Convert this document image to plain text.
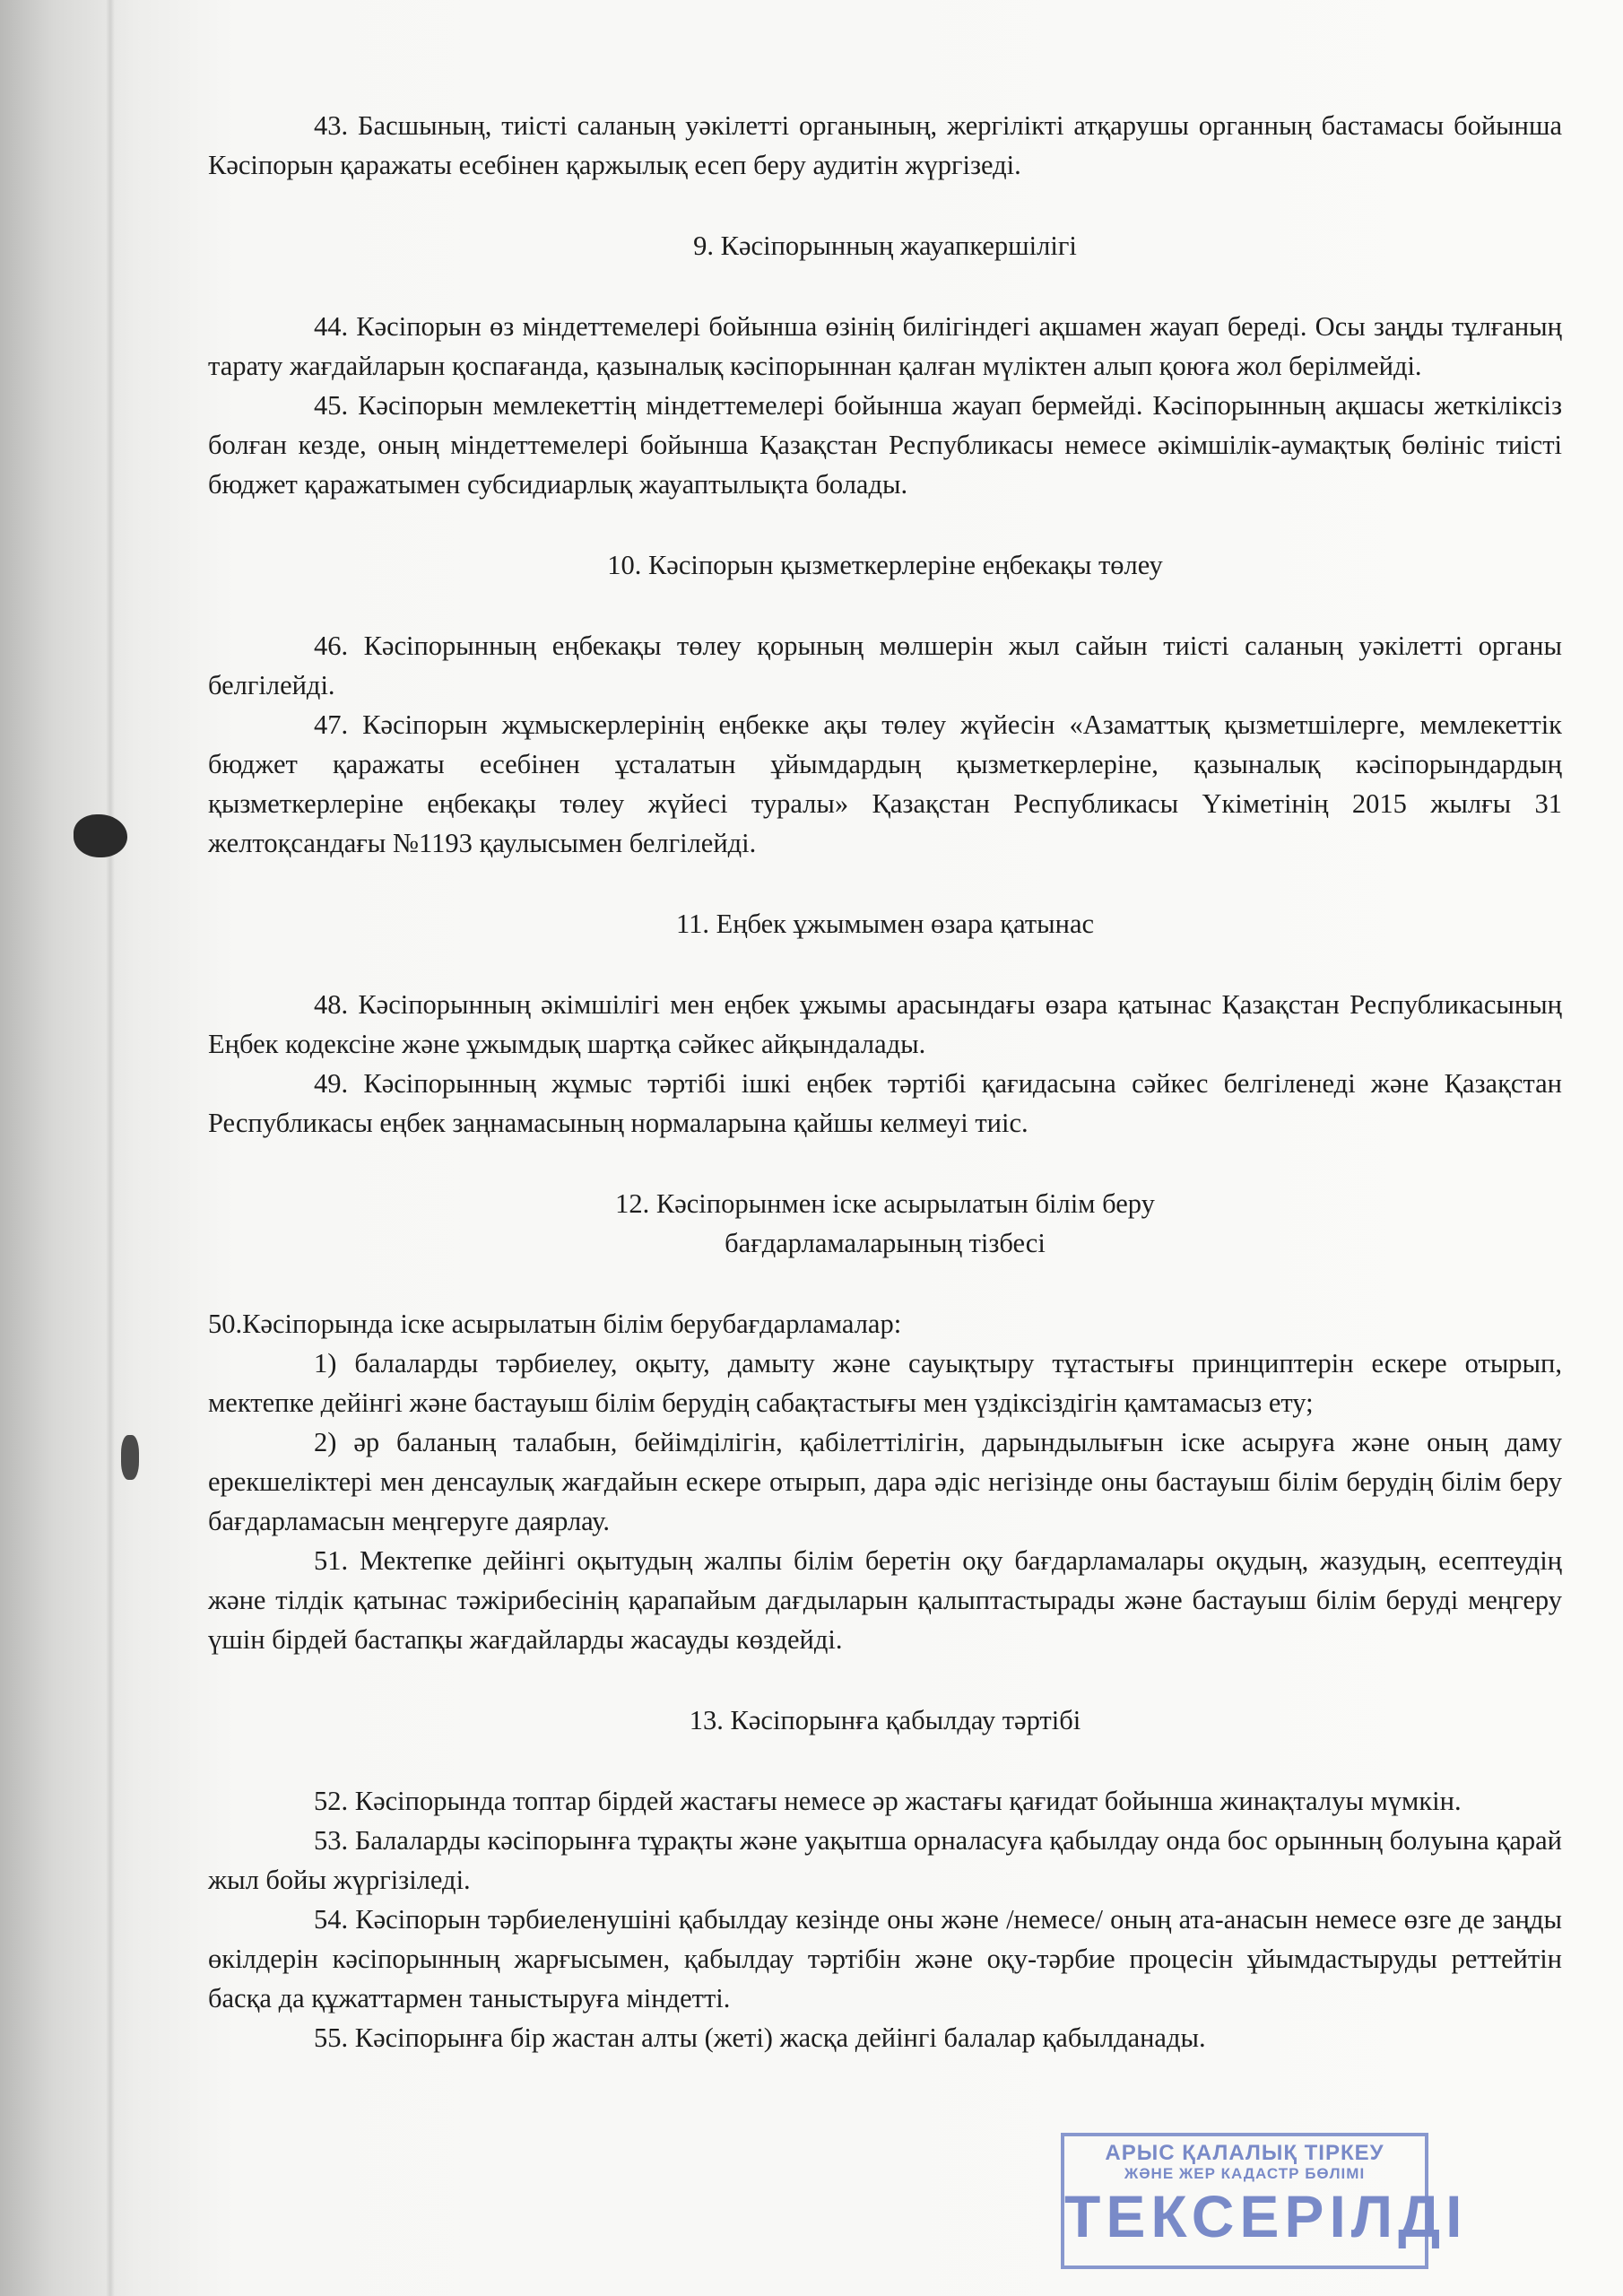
43. Басшының, тиісті саланың уәкілетті органының, жергілікті атқарушы органның бастамасы бойынша Кәсіпорын қаражаты есебінен қаржылық есеп беру аудитін жүргізеді.

9. Кәсіпорынның жауапкершілігі

44. Кәсіпорын өз міндеттемелері бойынша өзінің билігіндегі ақшамен жауап береді. Осы заңды тұлғаның тарату жағдайларын қоспағанда, қазыналық кәсіпорыннан қалған мүліктен алып қоюға жол берілмейді.

45. Кәсіпорын мемлекеттің міндеттемелері бойынша жауап бермейді. Кәсіпорынның ақшасы жеткіліксіз болған кезде, оның міндеттемелері бойынша Қазақстан Республикасы немесе әкімшілік-аумақтық бөлініс тиісті бюджет қаражатымен субсидиарлық жауаптылықта болады.

10. Кәсіпорын қызметкерлеріне еңбекақы төлеу

46. Кәсіпорынның еңбекақы төлеу қорының мөлшерін жыл сайын тиісті саланың уәкілетті органы белгілейді.

47. Кәсіпорын жұмыскерлерінің еңбекке ақы төлеу жүйесін «Азаматтық қызметшілерге, мемлекеттік бюджет қаражаты есебінен ұсталатын ұйымдардың қызметкерлеріне, қазыналық кәсіпорындардың қызметкерлеріне еңбекақы төлеу жүйесі туралы» Қазақстан Республикасы Үкіметінің 2015 жылғы 31 желтоқсандағы №1193 қаулысымен белгілейді.

11. Еңбек ұжымымен өзара қатынас

48. Кәсіпорынның әкімшілігі мен еңбек ұжымы арасындағы өзара қатынас Қазақстан Республикасының Еңбек кодексіне және ұжымдық шартқа сәйкес айқындалады.

49. Кәсіпорынның жұмыс тәртібі ішкі еңбек тәртібі қағидасына сәйкес белгіленеді және Қазақстан Республикасы еңбек заңнамасының нормаларына қайшы келмеуі тиіс.

12. Кәсіпорынмен іске асырылатын білім беру

бағдарламаларының тізбесі

50.Кәсіпорында іске асырылатын білім берубағдарламалар:

1) балаларды тәрбиелеу, оқыту, дамыту және сауықтыру тұтастығы принциптерін ескере отырып, мектепке дейінгі және бастауыш білім берудің сабақтастығы мен үздіксіздігін қамтамасыз ету;

2) әр баланың талабын, бейімділігін, қабілеттілігін, дарындылығын іске асыруға және оның даму ерекшеліктері мен денсаулық жағдайын ескере отырып, дара әдіс негізінде оны бастауыш білім берудің білім беру бағдарламасын меңгеруге даярлау.

51. Мектепке дейінгі оқытудың жалпы білім беретін оқу бағдарламалары оқудың, жазудың, есептеудің және тілдік қатынас тәжірибесінің қарапайым дағдыларын қалыптастырады және бастауыш білім беруді меңгеру үшін бірдей бастапқы жағдайларды жасауды көздейді.

13. Кәсіпорынға қабылдау тәртібі

52. Кәсіпорында топтар бірдей жастағы немесе әр жастағы қағидат бойынша жинақталуы мүмкін.

53. Балаларды кәсіпорынға тұрақты және уақытша орналасуға қабылдау онда бос орынның болуына қарай жыл бойы жүргізіледі.

54. Кәсіпорын тәрбиеленушіні қабылдау кезінде оны және /немесе/ оның ата-анасын немесе өзге де заңды өкілдерін кәсіпорынның жарғысымен, қабылдау тәртібін және оқу-тәрбие процесін ұйымдастыруды реттейтін басқа да құжаттармен таныстыруға міндетті.

55. Кәсіпорынға бір жастан алты (жеті) жасқа дейінгі балалар қабылданады.

АРЫС ҚАЛАЛЫҚ ТІРКЕУ
ЖӘНЕ ЖЕР КАДАСТР БӨЛІМІ
ТЕКСЕРІЛДІ
